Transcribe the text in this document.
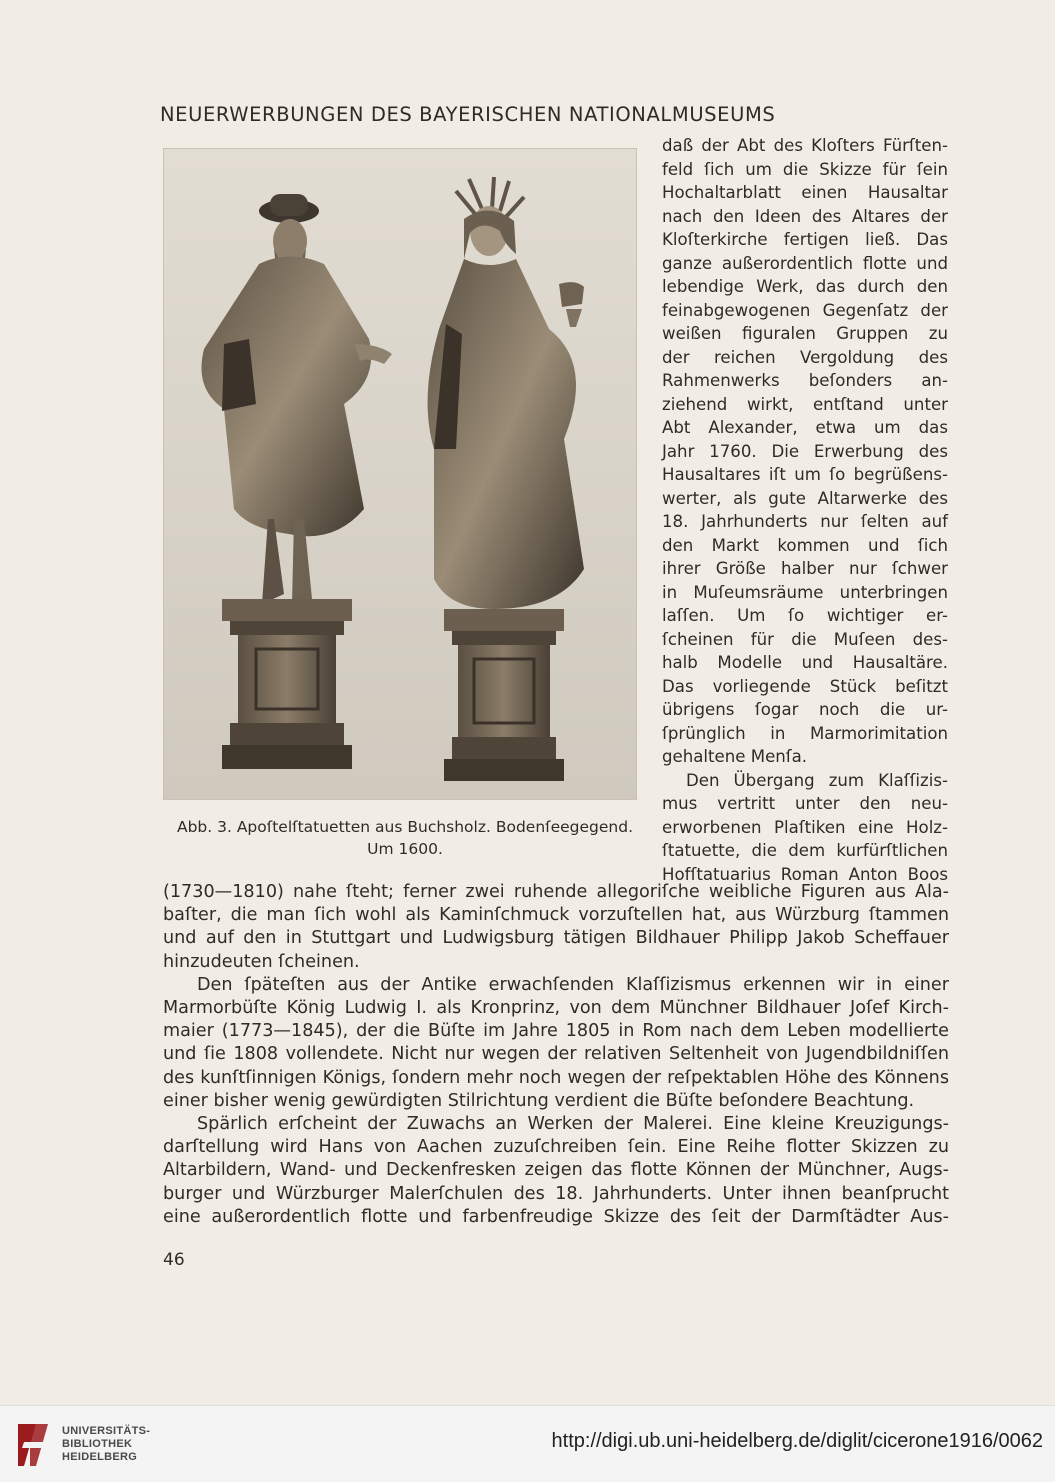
NEUERWERBUNGEN DES BAYERISCHEN NATIONALMUSEUMS
Abb. 3. Apoſtelſtatuetten aus Buchsholz. Bodenſeegegend.
Um 1600.
daß der Abt des Kloſters Fürſten-
feld ſich um die Skizze für ſein
Hochaltarblatt einen Hausaltar
nach den Ideen des Altares der
Kloſterkirche fertigen ließ. Das
ganze außerordentlich flotte und
lebendige Werk, das durch den
feinabgewogenen Gegenſatz der
weißen figuralen Gruppen zu
der reichen Vergoldung des
Rahmenwerks beſonders an-
ziehend wirkt, entſtand unter
Abt Alexander, etwa um das
Jahr 1760. Die Erwerbung des
Hausaltares iſt um ſo begrüßens-
werter, als gute Altarwerke des
18. Jahrhunderts nur ſelten auf
den Markt kommen und ſich
ihrer Größe halber nur ſchwer
in Muſeumsräume unterbringen
laſſen. Um ſo wichtiger er-
ſcheinen für die Muſeen des-
halb Modelle und Hausaltäre.
Das vorliegende Stück beſitzt
übrigens ſogar noch die ur-
ſprünglich in Marmorimitation
gehaltene Menſa.
Den Übergang zum Klaſſizis-
mus vertritt unter den neu-
erworbenen Plaſtiken eine Holz-
ſtatuette, die dem kurfürſtlichen
Hofſtatuarius Roman Anton Boos
(1730—1810) nahe ſteht; ferner zwei ruhende allegoriſche weibliche Figuren aus Ala-
baſter, die man ſich wohl als Kaminſchmuck vorzuſtellen hat, aus Würzburg ſtammen
und auf den in Stuttgart und Ludwigsburg tätigen Bildhauer Philipp Jakob Scheffauer
hinzudeuten ſcheinen.
Den ſpäteſten aus der Antike erwachſenden Klaſſizismus erkennen wir in einer
Marmorbüſte König Ludwig I. als Kronprinz, von dem Münchner Bildhauer Joſef Kirch-
maier (1773—1845), der die Büſte im Jahre 1805 in Rom nach dem Leben modellierte
und ſie 1808 vollendete. Nicht nur wegen der relativen Seltenheit von Jugendbildniſſen
des kunſtſinnigen Königs, ſondern mehr noch wegen der reſpektablen Höhe des Könnens
einer bisher wenig gewürdigten Stilrichtung verdient die Büſte beſondere Beachtung.
Spärlich erſcheint der Zuwachs an Werken der Malerei. Eine kleine Kreuzigungs-
darſtellung wird Hans von Aachen zuzuſchreiben ſein. Eine Reihe flotter Skizzen zu
Altarbildern, Wand- und Deckenfresken zeigen das flotte Können der Münchner, Augs-
burger und Würzburger Malerſchulen des 18. Jahrhunderts. Unter ihnen beanſprucht
eine außerordentlich flotte und farbenfreudige Skizze des ſeit der Darmſtädter Aus-
46
UNIVERSITÄTS-
BIBLIOTHEK
HEIDELBERG
http://digi.ub.uni-heidelberg.de/diglit/cicerone1916/0062
